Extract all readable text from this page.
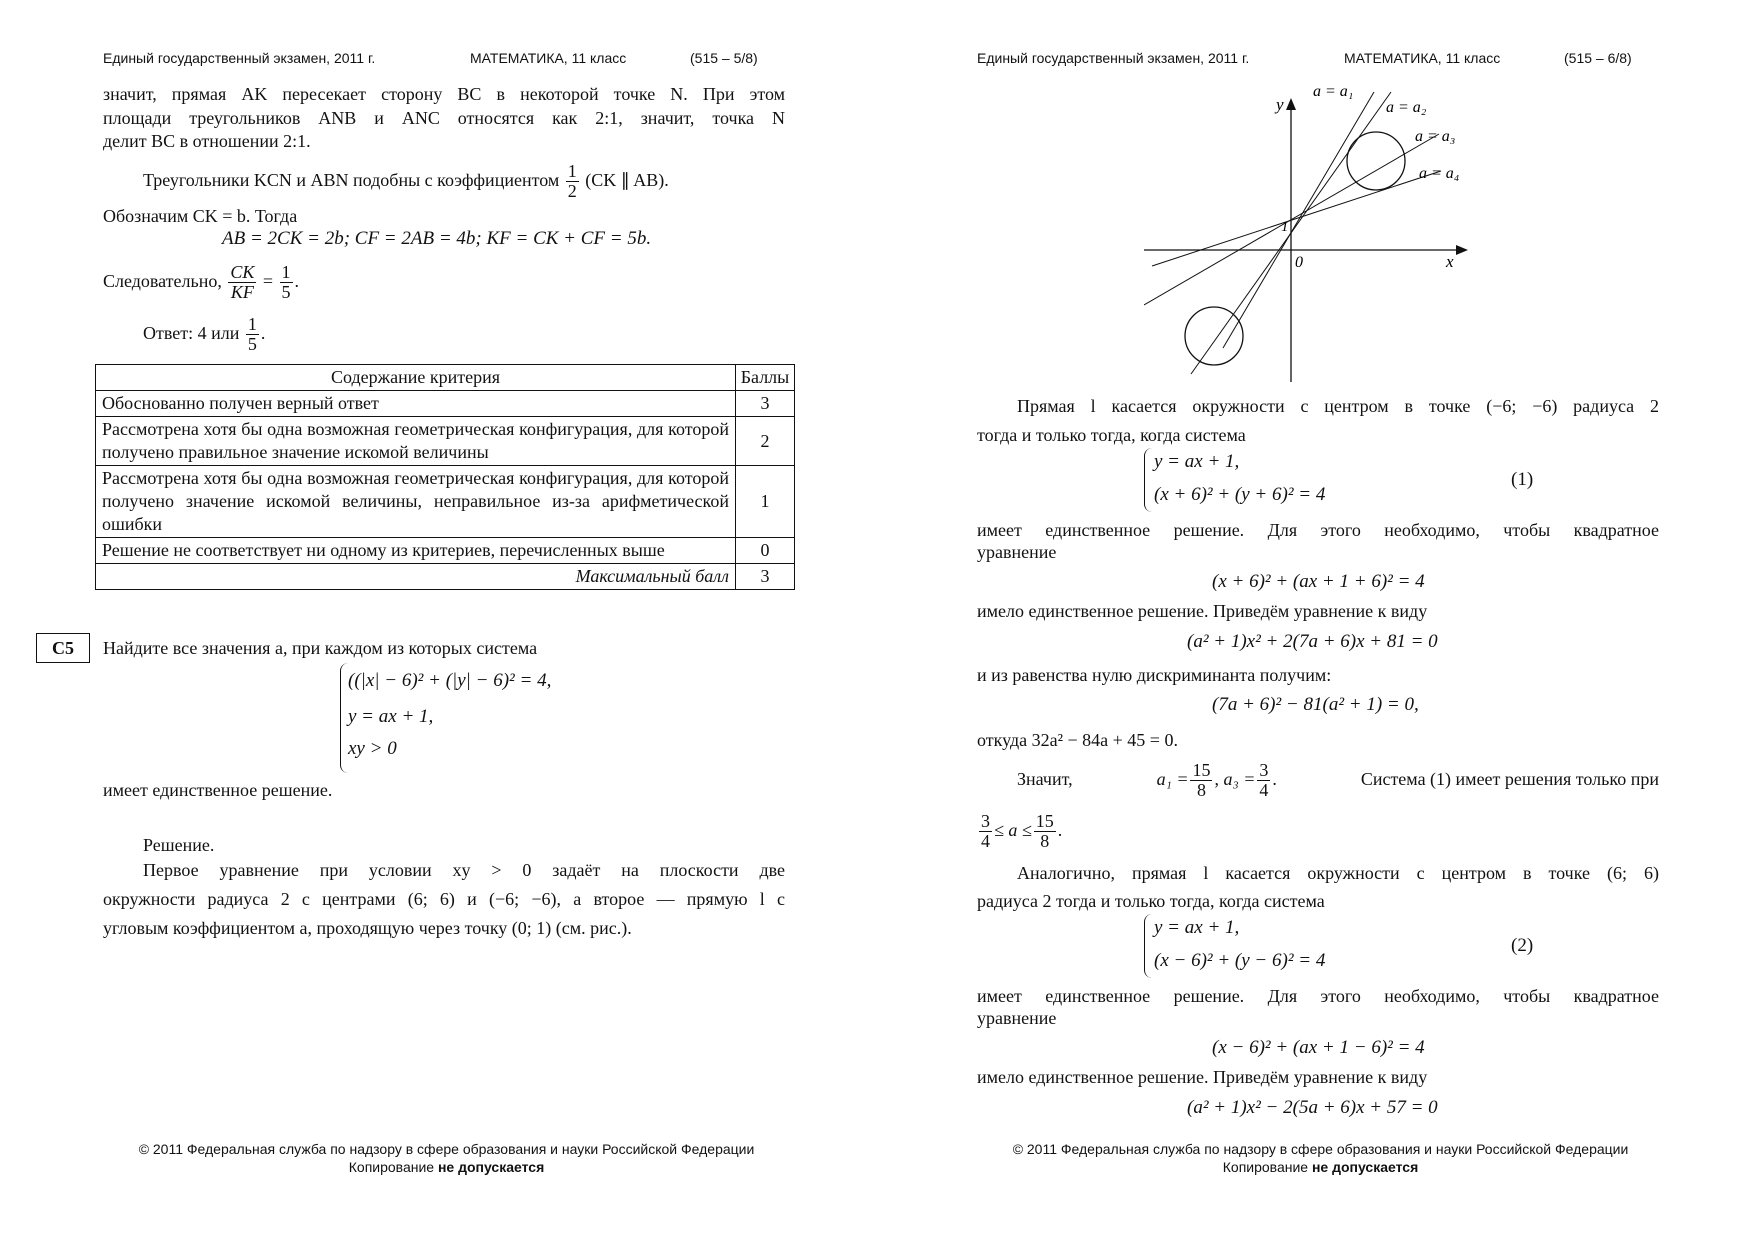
Единый государственный экзамен, 2011 г.	МАТЕМАТИКА, 11 класс	(515 – 5/8)
значит, прямая AK пересекает сторону BC в некоторой точке N. При этом
площади треугольников ANB и ANC относятся как 2:1, значит, точка N
делит BC в отношении 2:1.
Треугольники KCN и ABN подобны с коэффициентом $\frac{1}{2} (CK$ ∥ AB).
Обозначим CK = b. Тогда
AB = 2CK = 2b; CF = 2AB = 4b; KF = CK + CF = 5b.
Следовательно, $\frac{CK}{KF} = \frac{1}{5}$ .
Ответ: 4 или $\frac{1}{5}$ .
Содержание критерия	Баллы
Обоснованно получен верный ответ	3
Рассмотрена хотя бы одна возможная геометрическая конфигурация, для которой получено правильное значение искомой величины	2
Рассмотрена хотя бы одна возможная геометрическая конфигурация, для которой получено значение искомой величины, неправильное из-за арифметической ошибки	1
Решение не соответствует ни одному из критериев, перечисленных выше	0
Максимальный балл	3
C5	Найдите все значения a, при каждом из которых система
((|x| − 6)² + (|y| − 6)² = 4,
y = ax + 1,
xy > 0
имеет единственное решение.
Решение.
Первое уравнение при условии xy > 0 задаёт на плоскости две
окружности радиуса 2 с центрами (6; 6) и (−6; −6), а второе — прямую l с
угловым коэффициентом a, проходящую через точку (0; 1) (см. рис.).
© 2011 Федеральная служба по надзору в сфере образования и науки Российской Федерации
Копирование не допускается
Единый государственный экзамен, 2011 г.	МАТЕМАТИКА, 11 класс	(515 – 6/8)
y
x
0
1
a = a₁
a = a₂
a = a₃
a = a₄
Прямая l касается окружности с центром в точке (−6; −6) радиуса 2
тогда и только тогда, когда система
y = ax + 1,
(x + 6)² + (y + 6)² = 4
(1)
имеет единственное решение. Для этого необходимо, чтобы квадратное
уравнение
(x + 6)² + (ax + 1 + 6)² = 4
имело единственное решение. Приведём уравнение к виду
(a² + 1)x² + 2(7a + 6)x + 81 = 0
и из равенства нулю дискриминанта получим:
(7a + 6)² − 81(a² + 1) = 0,
откуда 32a² − 84a + 45 = 0.
Значит,	$a_1 = \frac{15}{8}$ , $a_3 = \frac{3}{4}$ .	Система (1) имеет решения только при
$\frac{3}{4} \le a \le \frac{15}{8}$ .
Аналогично, прямая l касается окружности с центром в точке (6; 6)
радиуса 2 тогда и только тогда, когда система
y = ax + 1,
(x − 6)² + (y − 6)² = 4
(2)
имеет единственное решение. Для этого необходимо, чтобы квадратное
уравнение
(x − 6)² + (ax + 1 − 6)² = 4
имело единственное решение. Приведём уравнение к виду
(a² + 1)x² − 2(5a + 6)x + 57 = 0
© 2011 Федеральная служба по надзору в сфере образования и науки Российской Федерации
Копирование не допускается
